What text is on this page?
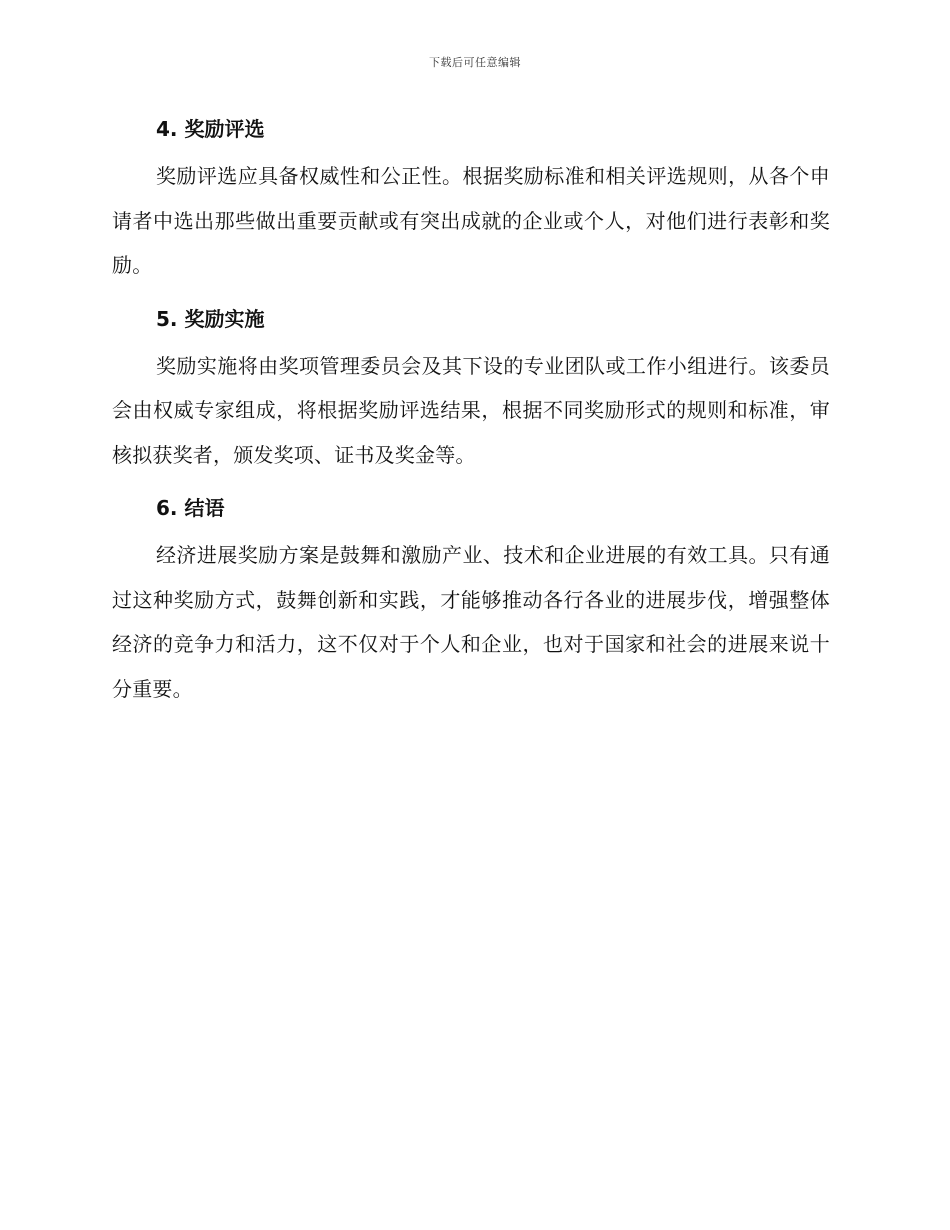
下载后可任意编辑
4. 奖励评选

奖励评选应具备权威性和公正性。根据奖励标准和相关评选规则，从各个申请者中选出那些做出重要贡献或有突出成就的企业或个人，对他们进行表彰和奖励。

5. 奖励实施

奖励实施将由奖项管理委员会及其下设的专业团队或工作小组进行。该委员会由权威专家组成，将根据奖励评选结果，根据不同奖励形式的规则和标准，审核拟获奖者，颁发奖项、证书及奖金等。

6. 结语

经济进展奖励方案是鼓舞和激励产业、技术和企业进展的有效工具。只有通过这种奖励方式，鼓舞创新和实践，才能够推动各行各业的进展步伐，增强整体经济的竞争力和活力，这不仅对于个人和企业，也对于国家和社会的进展来说十分重要。
